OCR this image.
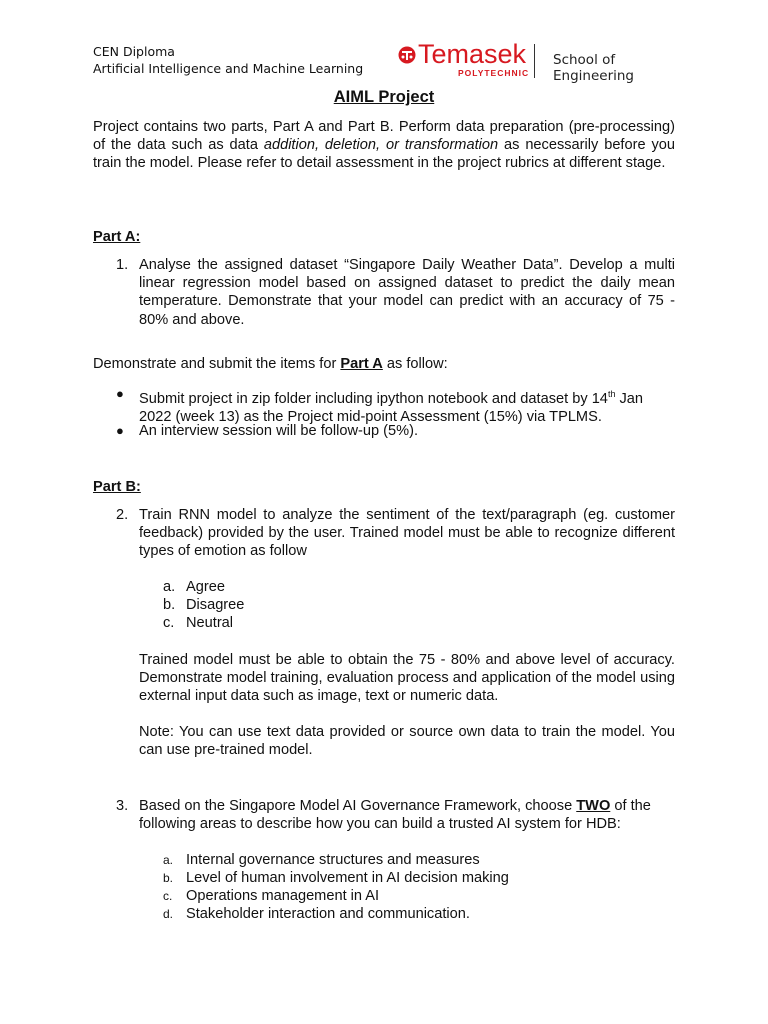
CEN Diploma
Artificial Intelligence and Machine Learning Temasek
POLYTECHNIC
School of Engineering
AIML Project
Project contains two parts, Part A and Part B. Perform data preparation (pre-processing) of the data such as data addition, deletion, or transformation as necessarily before you train the model. Please refer to detail assessment in the project rubrics at different stage.
Part A:
1. Analyse the assigned dataset “Singapore Daily Weather Data”. Develop a multi linear regression model based on assigned dataset to predict the daily mean temperature. Demonstrate that your model can predict with an accuracy of 75 - 80% and above.
Demonstrate and submit the items for Part A as follow:
● Submit project in zip folder including ipython notebook and dataset by 14th Jan 2022 (week 13) as the Project mid-point Assessment (15%) via TPLMS.
● An interview session will be follow-up (5%).
Part B:
2. Train RNN model to analyze the sentiment of the text/paragraph (eg. customer feedback) provided by the user. Trained model must be able to recognize different types of emotion as follow
a. Agree
b. Disagree
c. Neutral
Trained model must be able to obtain the 75 - 80% and above level of accuracy. Demonstrate model training, evaluation process and application of the model using external input data such as image, text or numeric data.
Note: You can use text data provided or source own data to train the model. You can use pre-trained model.
3. Based on the Singapore Model AI Governance Framework, choose TWO of the following areas to describe how you can build a trusted AI system for HDB:
a. Internal governance structures and measures
b. Level of human involvement in AI decision making
c. Operations management in AI
d. Stakeholder interaction and communication.
